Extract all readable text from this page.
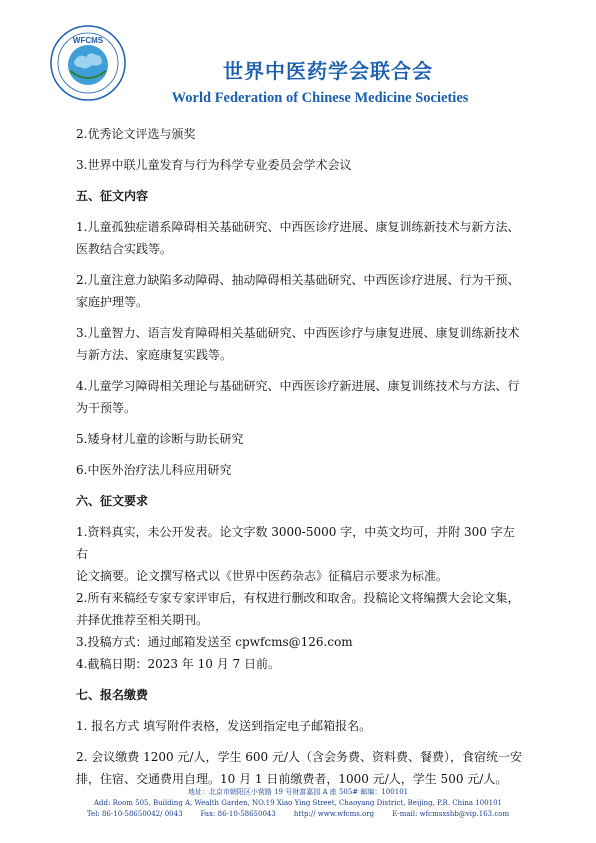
WFCMS
世界中医药学会联合会
World Federation of Chinese Medicine Societies

2.优秀论文评选与颁奖

3.世界中联儿童发育与行为科学专业委员会学术会议

五、征文内容

1.儿童孤独症谱系障碍相关基础研究、中西医诊疗进展、康复训练新技术与新方法、

医教结合实践等。

2.儿童注意力缺陷多动障碍、抽动障碍相关基础研究、中西医诊疗进展、行为干预、

家庭护理等。

3.儿童智力、语言发育障碍相关基础研究、中西医诊疗与康复进展、康复训练新技术

与新方法、家庭康复实践等。

4.儿童学习障碍相关理论与基础研究、中西医诊疗新进展、康复训练技术与方法、行

为干预等。

5.矮身材儿童的诊断与助长研究

6.中医外治疗法儿科应用研究

六、征文要求

1.资料真实，未公开发表。论文字数 3000-5000 字，中英文均可，并附 300 字左右

论文摘要。论文撰写格式以《世界中医药杂志》征稿启示要求为标准。

2.所有来稿经专家专家评审后，有权进行删改和取舍。投稿论文将编撰大会论文集，

并择优推荐至相关期刊。

3.投稿方式：通过邮箱发送至 cpwfcms@126.com

4.截稿日期：2023 年 10 月 7 日前。

七、报名缴费

1. 报名方式 填写附件表格，发送到指定电子邮箱报名。

2. 会议缴费 1200 元/人，学生 600 元/人（含会务费、资料费、餐费），食宿统一安

排，住宿、交通费用自理。10 月 1 日前缴费者，1000 元/人，学生 500 元/人。

地址：北京市朝阳区小营路 19 号财富嘉园 A 座 505# 邮编：100101
Add: Room 505, Building A, Wealth Garden, NO.19 Xiao Ying Street, Chaoyang District, Beijing, P.R. China 100101
Tel: 86-10-58650042/ 0043	Fax: 86-10-58650043	http:// www.wfcms.org	E-mail: wfcmsxshb@vip.163.com
